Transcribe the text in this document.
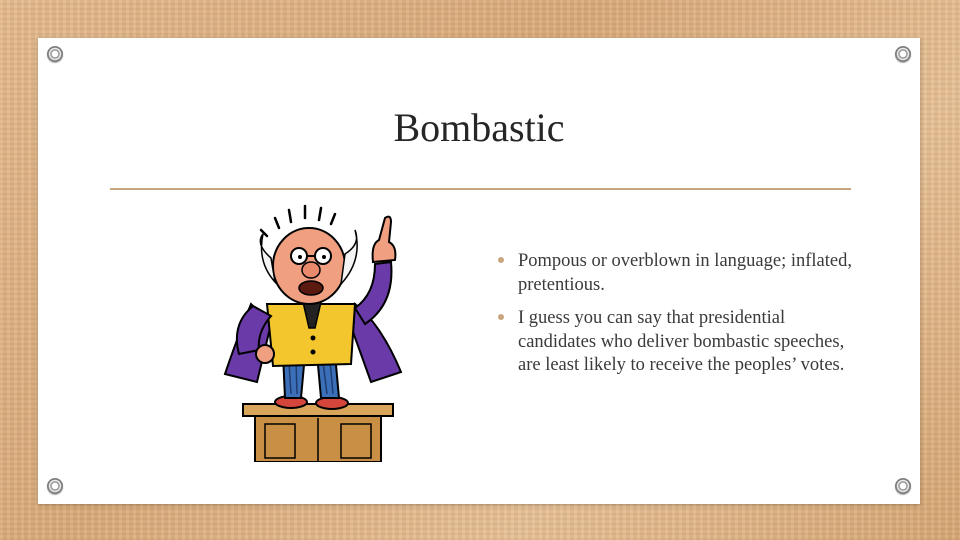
Bombastic
Pompous or overblown in language; inflated, pretentious.
I guess you can say that presidential candidates who deliver bombastic speeches, are least likely to receive the peoples’ votes.
